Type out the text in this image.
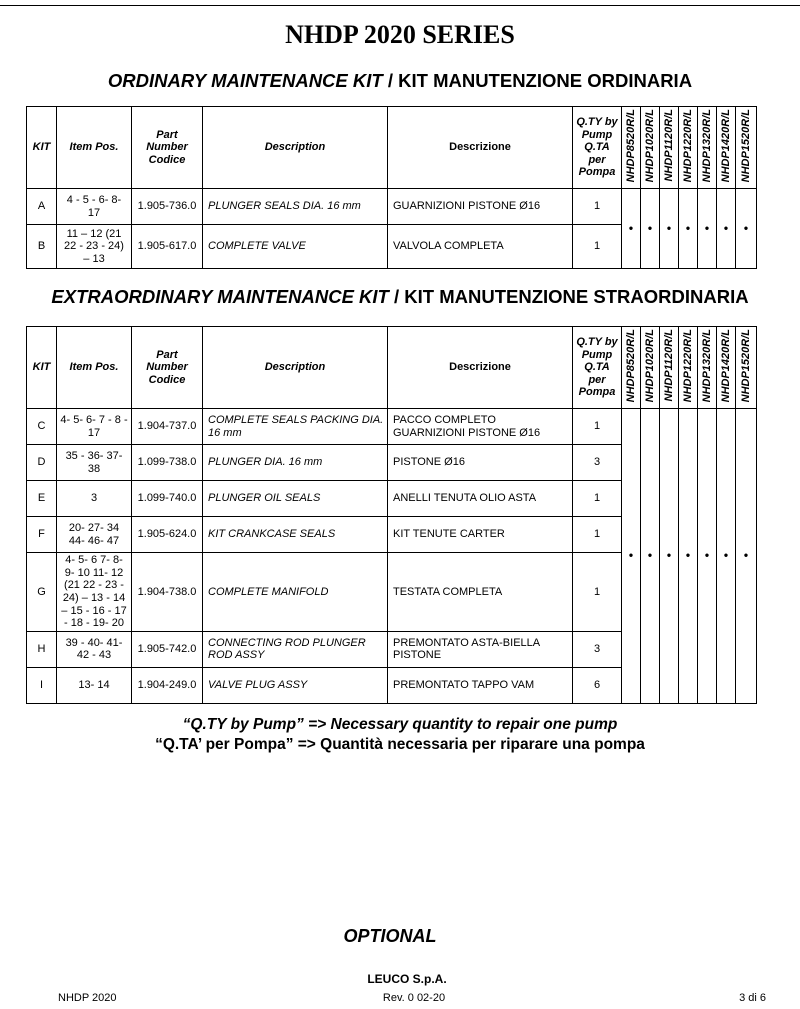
NHDP 2020 SERIES
ORDINARY MAINTENANCE KIT / KIT MANUTENZIONE ORDINARIA
KIT	Item Pos.	Part Number Codice	Description	Descrizione	Q.TY by Pump Q.TA per Pompa	NHDP8520R/L	NHDP1020R/L	NHDP1120R/L	NHDP1220R/L	NHDP1320R/L	NHDP1420R/L	NHDP1520R/L
A	4 - 5 - 6- 8- 17	1.905-736.0	PLUNGER SEALS DIA. 16 mm	GUARNIZIONI PISTONE Ø16	1	•	•	•	•	•	•	•
B	11 – 12 (21 22 - 23 - 24) – 13	1.905-617.0	COMPLETE VALVE	VALVOLA COMPLETA	1							
EXTRAORDINARY MAINTENANCE KIT / KIT MANUTENZIONE STRAORDINARIA
KIT	Item Pos.	Part Number Codice	Description	Descrizione	Q.TY by Pump Q.TA per Pompa	NHDP8520R/L	NHDP1020R/L	NHDP1120R/L	NHDP1220R/L	NHDP1320R/L	NHDP1420R/L	NHDP1520R/L
C	4- 5- 6- 7 - 8 - 17	1.904-737.0	COMPLETE SEALS PACKING DIA. 16 mm	PACCO COMPLETO GUARNIZIONI PISTONE Ø16	1	•	•	•	•	•	•	•
D	35 - 36- 37- 38	1.099-738.0	PLUNGER DIA. 16 mm	PISTONE Ø16	3							
E	3	1.099-740.0	PLUNGER OIL SEALS	ANELLI TENUTA OLIO ASTA	1							
F	20- 27- 34 44- 46- 47	1.905-624.0	KIT CRANKCASE SEALS	KIT TENUTE CARTER	1							
G	4- 5- 6 7- 8- 9- 10 11- 12 (21 22 - 23 - 24) – 13 - 14 – 15 - 16 - 17 - 18 - 19- 20	1.904-738.0	COMPLETE MANIFOLD	TESTATA COMPLETA	1							
H	39 - 40- 41- 42 - 43	1.905-742.0	CONNECTING ROD PLUNGER ROD ASSY	PREMONTATO ASTA-BIELLA PISTONE	3							
I	13- 14	1.904-249.0	VALVE PLUG ASSY	PREMONTATO TAPPO VAM	6							
“Q.TY by Pump” => Necessary quantity to repair one pump
“Q.TA’ per Pompa” => Quantità necessaria per riparare una pompa
OPTIONAL
LEUCO S.p.A.
NHDP 2020	Rev. 0 02-20	3 di 6
